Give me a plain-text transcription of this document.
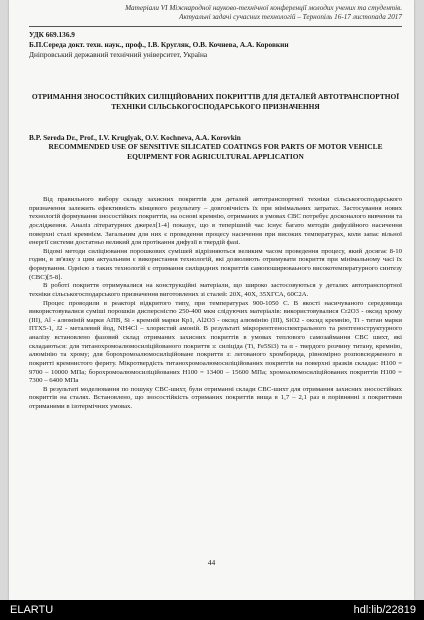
Матеріали VI Міжнародної науково-технічної конференції молодих учених та студентів.
Актуальні задачі сучасних технологій – Тернопіль 16-17 листопада 2017
УДК 669.136.9
Б.П.Середа докт. техн. наук., проф., І.В. Кругляк, О.В. Кочнева, А.А. Коровкин
Дніпровський державний технічний університет, Україна
ОТРИМАННЯ ЗНОСОСТІЙКИХ СИЛІЦІЙОВАНИХ ПОКРИТТІВ ДЛЯ ДЕТАЛЕЙ АВТОТРАНСПОРТНОЇ ТЕХНІКИ СІЛЬСЬКОГОСПОДАРСЬКОГО ПРИЗНАЧЕННЯ
B.P. Sereda Dr., Prof., I.V. Kruglyak, O.V. Kochneva, A.A. Korovkin
RECOMMENDED USE OF SENSITIVE SILICATED COATINGS FOR PARTS OF MOTOR VEHICLE EQUIPMENT FOR AGRICULTURAL APPLICATION

Від правильного вибору складу захисних покриттів для деталей автотранспортної техніки сільськогосподарського призначення залежить ефективність кінцевого результату – довговічність їх при мінімальних затратах. Застосування нових технологій формування зносостійких покриттів, на основі кремнію, отриманих в умовах СВС потребує досконалого вивчення та дослідження. Аналіз літературних джерел[1-4] показує, що в теперішній час існує багато методів дифузійного насичення поверхні сталі кремнієм. Загальним для них є проведення процесу насичення при високих температурах, коли запас вільної енергії системи достатньо великий для протікання дифузії в твердій фазі.

Відомі методи силіціювання порошкових сумішей відрізняються великим часом проведення процесу, який досягає 8-10 годин, в зв'язку з цим актуальним є використання технологій, які дозволяють отримувати покриття при мінімальному часі їх формування. Однією з таких технологій є отримання силіцидних покриттів самопоширюваьного високотемпературного синтезу (СВС)[5-8].

В роботі покриття отримувалися на конструкційні матеріали, що широко застосовуються у деталях автотранспортної техніки сільськогосподарського призначення виготовлених зі сталей: 20Х, 40Х, 35ХГСА, 60С2А.

Процес проводили в реакторі відкритого типу, при температурах 900-1050 С. В якості насичуваного середовища використовувалися суміші порошків дисперсністю 250-400 мкм слідуючих матеріалів: використовувалися Cr2O3 - оксид хрому (ІІІ), Al - алюміній марки АПВ, Si - кремній марки Кр1, Al2O3 - оксид алюмінію (ІІІ), SiO2 - оксид кремнію, Ті - титан марки ПТХ5-1, J2 - металевий йод, NH4Cl – хлористий амоній. В результаті мікрорентгеноспектрального та рентгеноструктурного аналізу встановлено фазовий склад отриманих захисних покриттів в умовах теплового самозаймання СВС шихт, які складаються: для титанохромоалюмосиліційованого покриття з: силіціда (Ті, Fe5Si3) та α - твердого розчину титану, кремнію, алюмінію та хрому; для борохромоалюмосиліційоване покриття з: легованого хромборида, рівномірно розповсюдженого в покритті кремнистого фериту. Мікротвердість титанохромоалюмосиліційованих покриттів на поверхні зразків складає: Н100 = 9700 – 10000 МПа; борохромоалюмосиліційованих Н100 = 13400 – 15600 МПа; хромоалюмосиліційованих покриттів Н100 = 7300 – 6400 МПа

В результаті моделювання по пошуку СВС-шихт, були отриманні склади СВС-шихт для отримання захисних зносостійких покриттів на сталях. Встановлено, що зносостійкість отриманих покриттів вища в 1,7 – 2,1 раз в порівнянні з покриттями отриманими в ізотермічних умовах.

44
ELARTU	hdl:lib/22819
